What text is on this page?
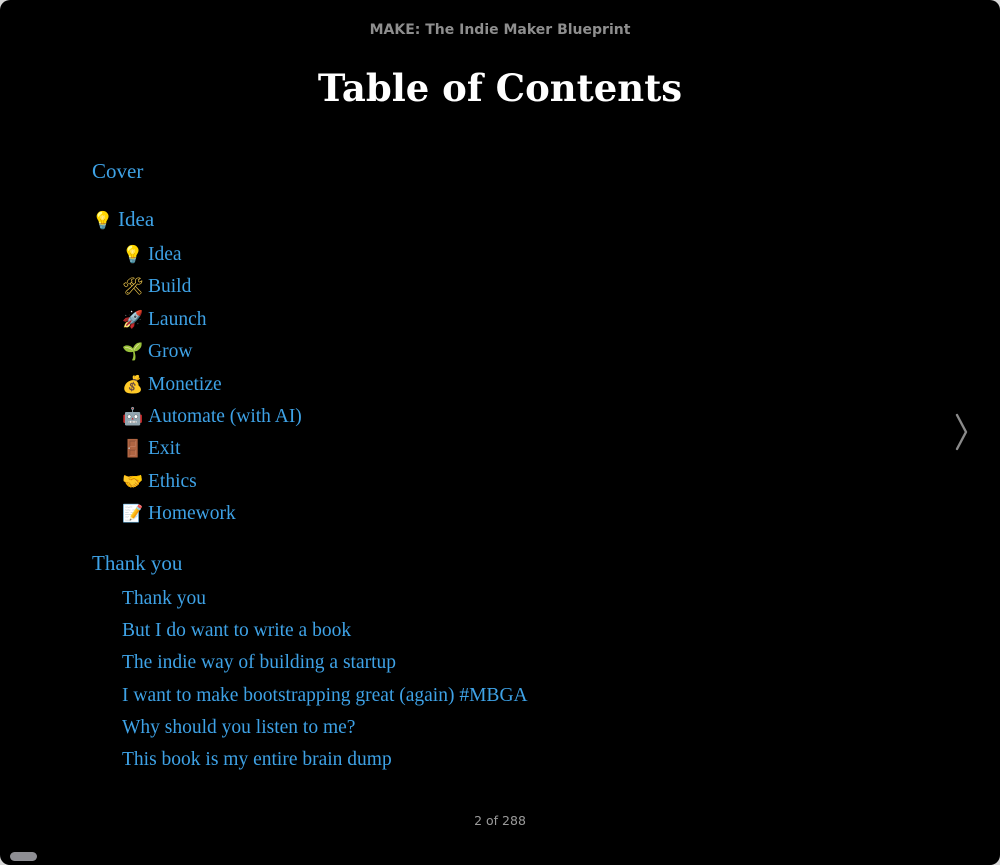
MAKE: The Indie Maker Blueprint
Table of Contents
Cover
💡 Idea
💡 Idea
🛠 Build
🚀 Launch
🌱 Grow
💰 Monetize
🤖 Automate (with AI)
🚪 Exit
🤝 Ethics
📝 Homework
Thank you
Thank you
But I do want to write a book
The indie way of building a startup
I want to make bootstrapping great (again) #MBGA
Why should you listen to me?
This book is my entire brain dump
2 of 288
